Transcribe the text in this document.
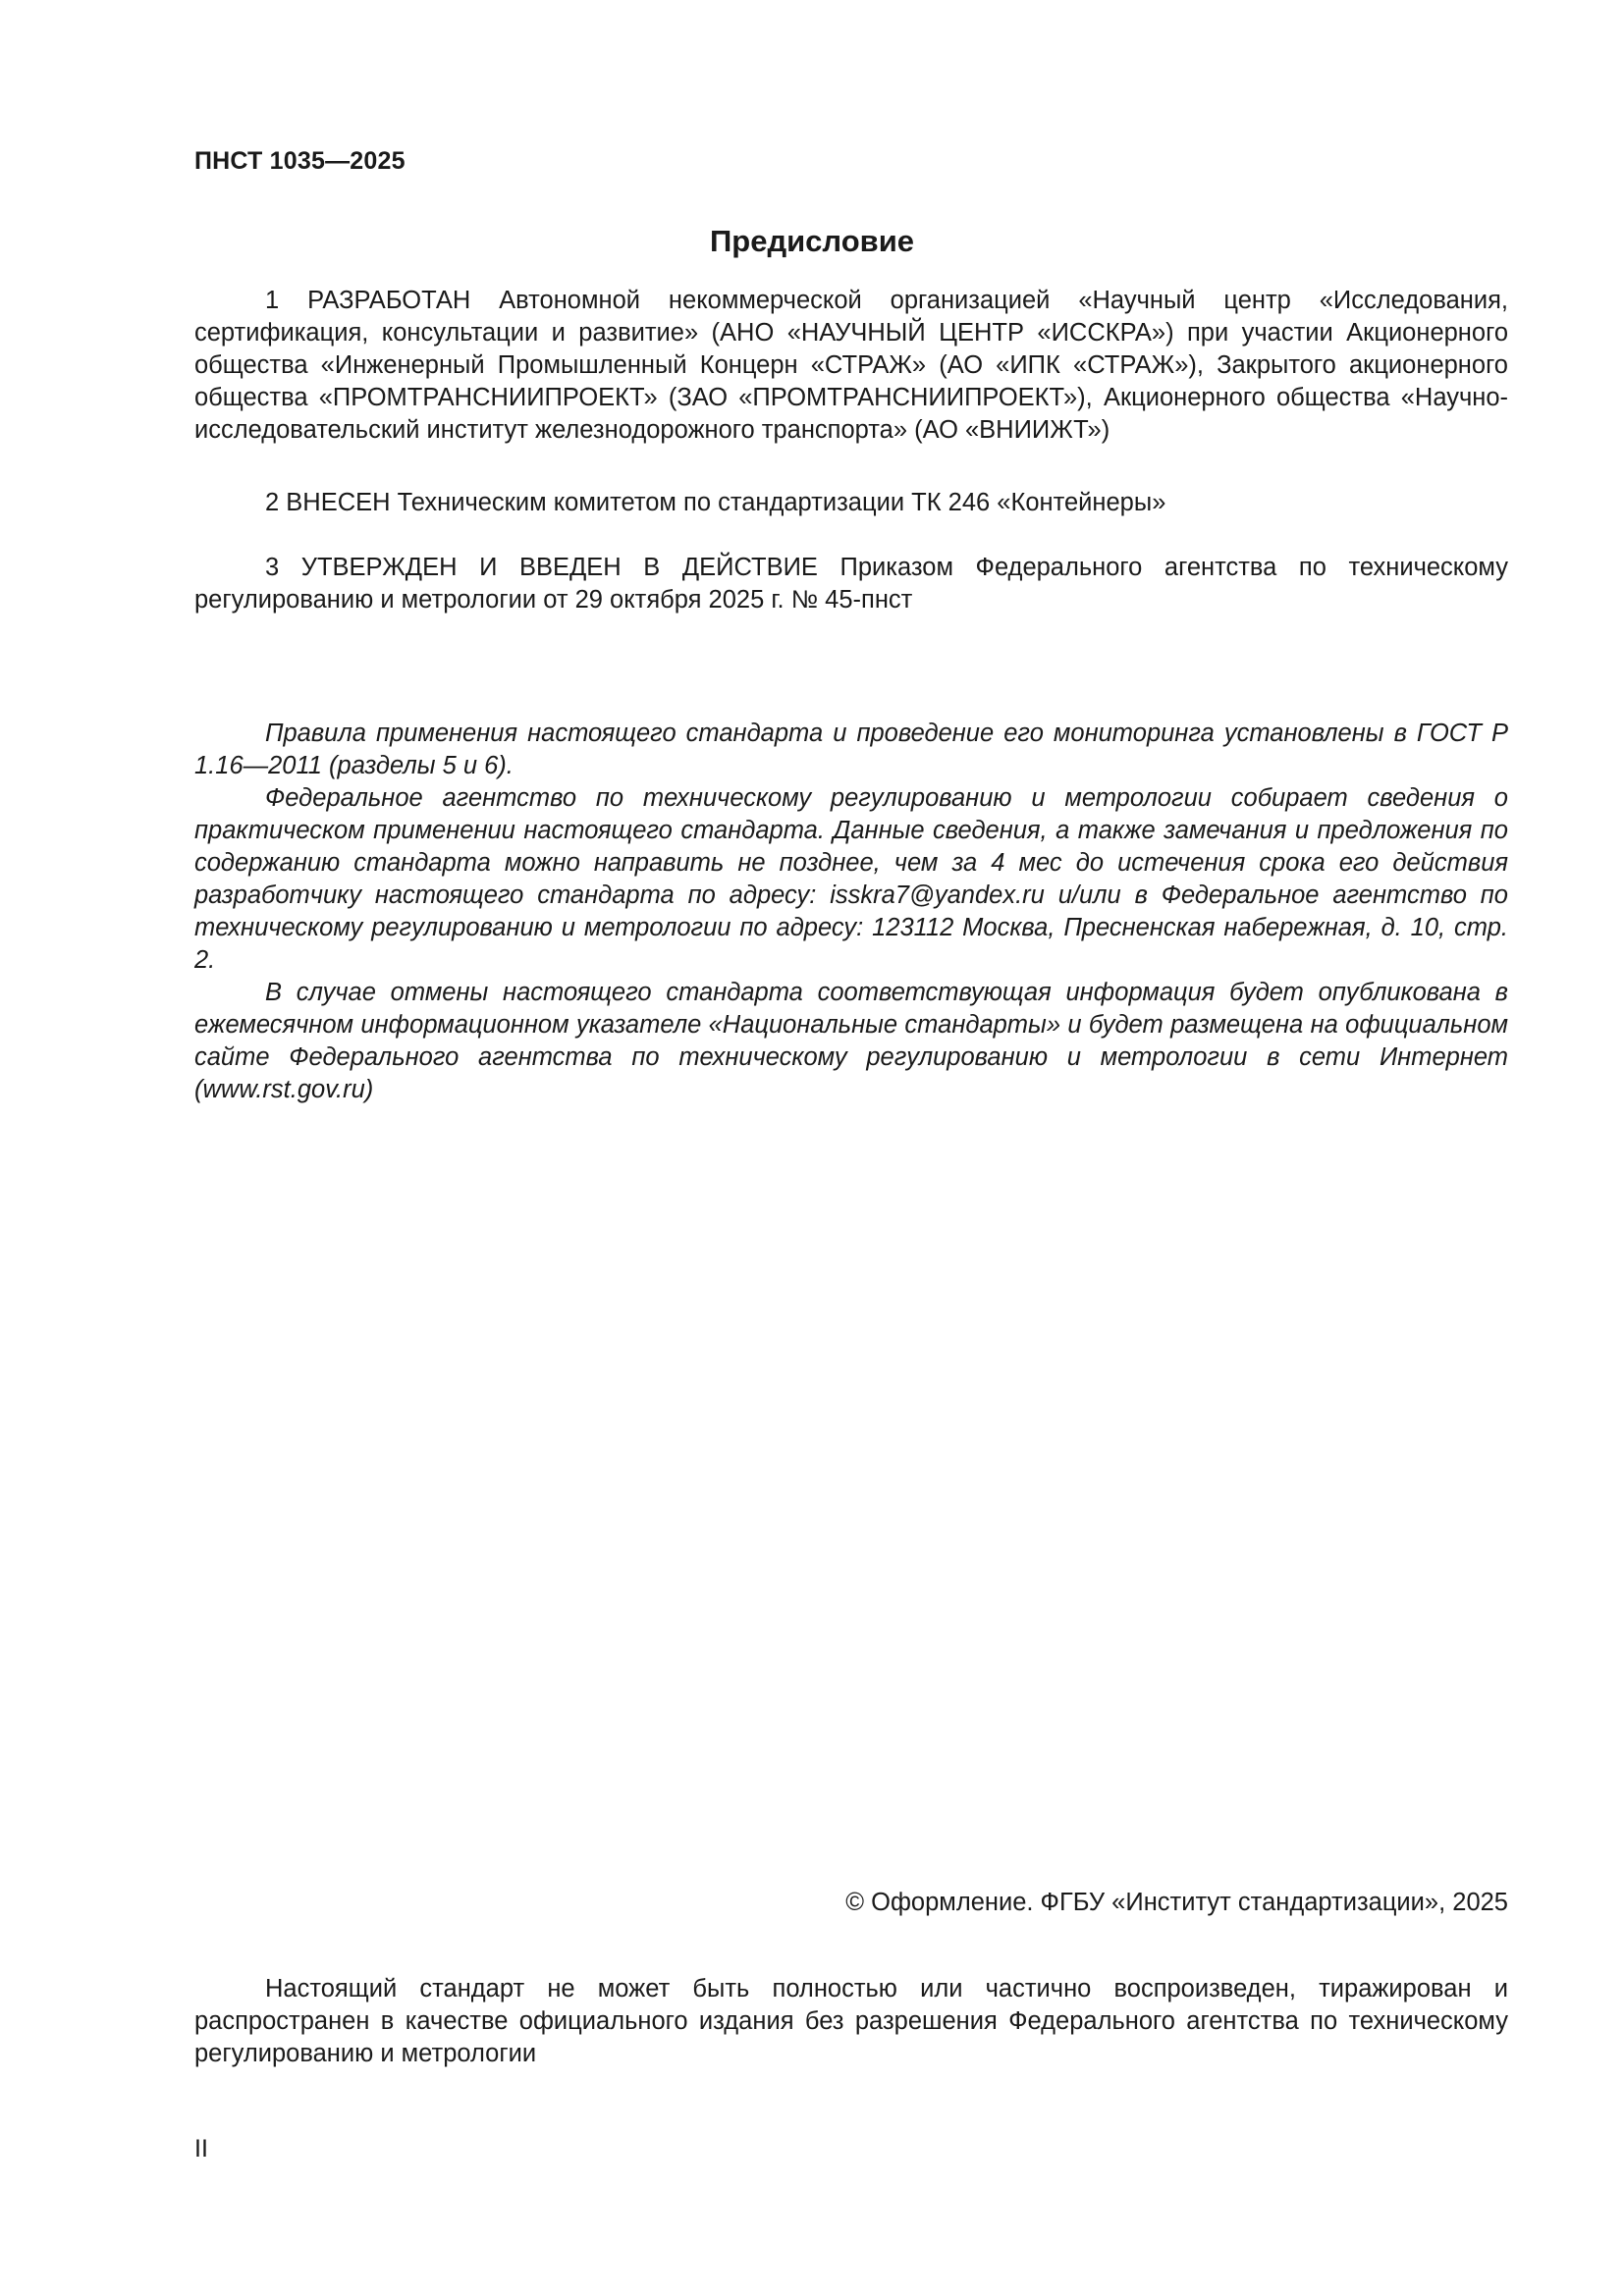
ПНСТ 1035—2025
Предисловие

1 РАЗРАБОТАН Автономной некоммерческой организацией «Научный центр «Исследования, сертификация, консультации и развитие» (АНО «НАУЧНЫЙ ЦЕНТР «ИССКРА») при участии Акционерного общества «Инженерный Промышленный Концерн «СТРАЖ» (АО «ИПК «СТРАЖ»), Закрытого акционерного общества «ПРОМТРАНСНИИПРОЕКТ» (ЗАО «ПРОМТРАНСНИИПРОЕКТ»), Акционерного общества «Научно-исследовательский институт железнодорожного транспорта» (АО «ВНИИЖТ»)

2 ВНЕСЕН Техническим комитетом по стандартизации ТК 246 «Контейнеры»

3 УТВЕРЖДЕН И ВВЕДЕН В ДЕЙСТВИЕ Приказом Федерального агентства по техническому регулированию и метрологии от 29 октября 2025 г. № 45-пнст

Правила применения настоящего стандарта и проведение его мониторинга установлены в ГОСТ Р 1.16—2011 (разделы 5 и 6).

Федеральное агентство по техническому регулированию и метрологии собирает сведения о практическом применении настоящего стандарта. Данные сведения, а также замечания и предложения по содержанию стандарта можно направить не позднее, чем за 4 мес до истечения срока его действия разработчику настоящего стандарта по адресу: isskra7@yandex.ru и/или в Федеральное агентство по техническому регулированию и метрологии по адресу: 123112 Москва, Пресненская набережная, д. 10, стр. 2.

В случае отмены настоящего стандарта соответствующая информация будет опубликована в ежемесячном информационном указателе «Национальные стандарты» и будет размещена на официальном сайте Федерального агентства по техническому регулированию и метрологии в сети Интернет (www.rst.gov.ru)

© Оформление. ФГБУ «Институт стандартизации», 2025

Настоящий стандарт не может быть полностью или частично воспроизведен, тиражирован и распространен в качестве официального издания без разрешения Федерального агентства по техническому регулированию и метрологии

II
